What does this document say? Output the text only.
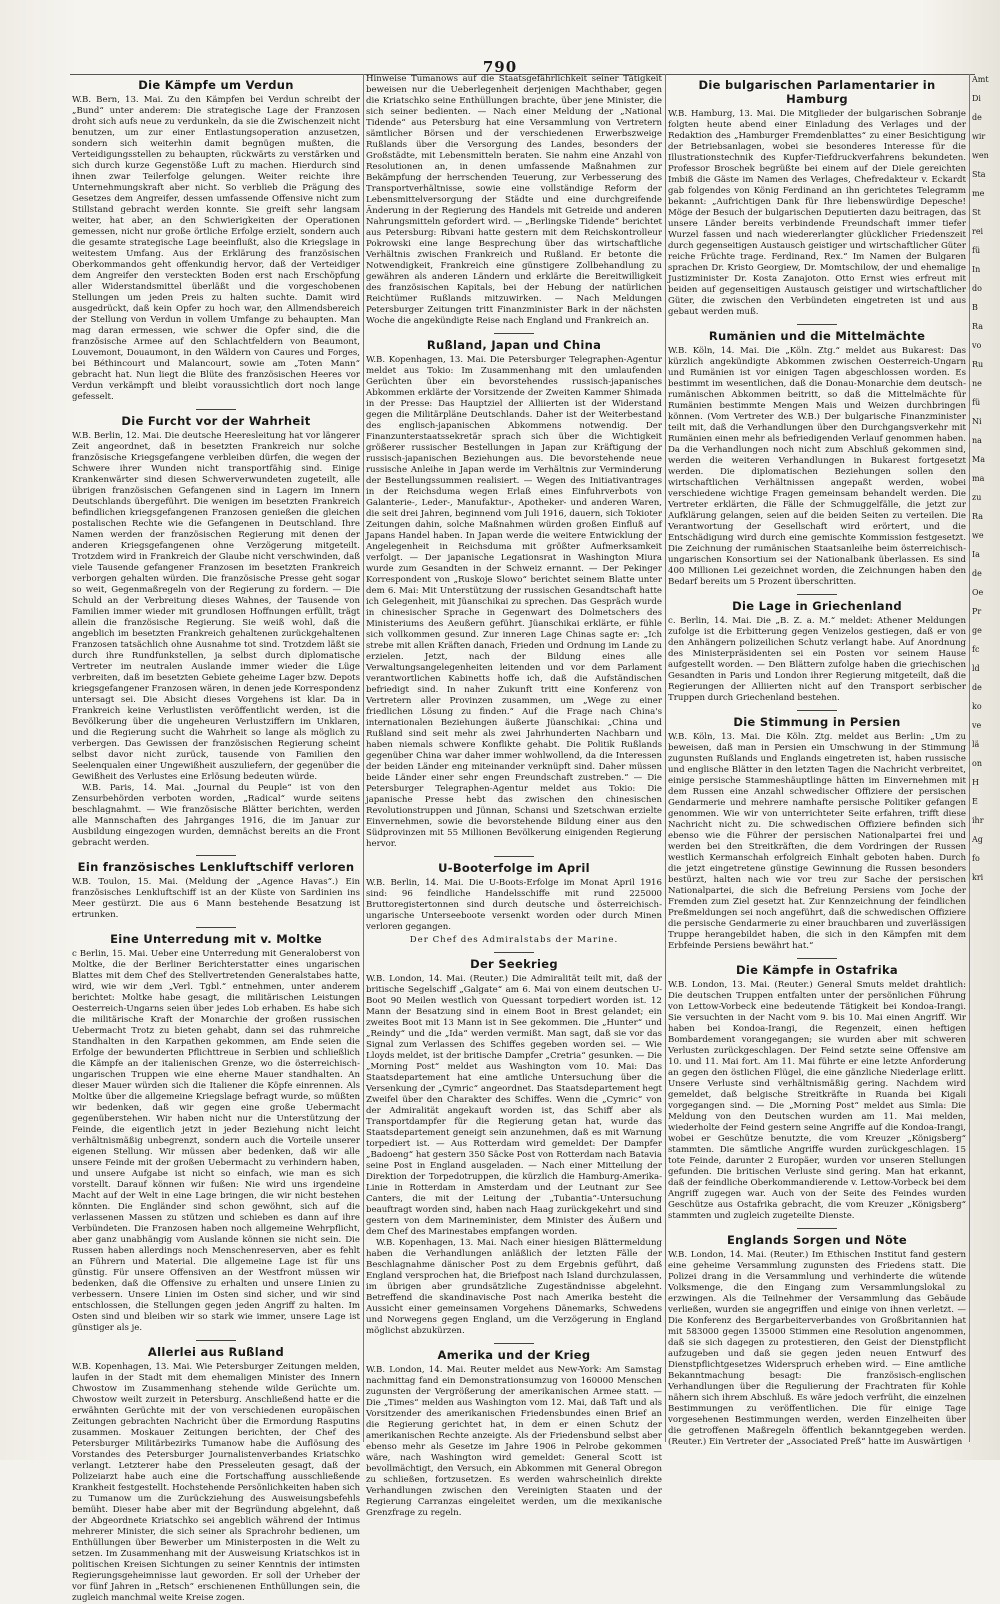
790
Die Kämpfe um Verdun

W.B. Bern, 13. Mai. Zu den Kämpfen bei Verdun schreibt der „Bund“ unter anderem: Die strategische Lage der Franzosen droht sich aufs neue zu verdunkeln, da sie die Zwischenzeit nicht benutzen, um zur einer Entlastungsoperation anzusetzen, sondern sich weiterhin damit begnügen mußten, die Verteidigungsstellen zu behaupten, rückwärts zu verstärken und sich durch kurze Gegenstöße Luft zu machen. Hierdurch sind ihnen zwar Teilerfolge gelungen. Weiter reichte ihre Unternehmungskraft aber nicht. So verblieb die Prägung des Gesetzes dem Angreifer, dessen umfassende Offensive nicht zum Stillstand gebracht werden konnte. Sie greift sehr langsam weiter, hat aber, an den Schwierigkeiten der Operationen gemessen, nicht nur große örtliche Erfolge erzielt, sondern auch die gesamte strategische Lage beeinflußt, also die Kriegslage in weitestem Umfang. Aus der Erklärung des französischen Oberkommandos geht offenkundig hervor, daß der Verteidiger dem Angreifer den versteckten Boden erst nach Erschöpfung aller Widerstandsmittel überläßt und die vorgeschobenen Stellungen um jeden Preis zu halten suchte. Damit wird ausgedrückt, daß kein Opfer zu hoch war, den Allmendsbereich der Stellung von Verdun in vollem Umfange zu behaupten. Man mag daran ermessen, wie schwer die Opfer sind, die die französische Armee auf den Schlachtfeldern von Beaumont, Louvemont, Douaumont, in den Wäldern von Caures und Forges, bei Béthincourt und Malancourt, sowie am „Toten Mann“ gebracht hat. Nun liegt die Blüte des französischen Heeres vor Verdun verkämpft und bleibt voraussichtlich dort noch lange gefesselt.

Die Furcht vor der Wahrheit

W.B. Berlin, 12. Mai. Die deutsche Heeresleitung hat vor längerer Zeit angeordnet, daß in besetzten Frankreich nur solche französische Kriegsgefangene verbleiben dürfen, die wegen der Schwere ihrer Wunden nicht transportfähig sind. Einige Krankenwärter sind diesen Schwerverwundeten zugeteilt, alle übrigen französischen Gefangenen sind in Lagern im Innern Deutschlands übergeführt. Die wenigen im besetzten Frankreich befindlichen kriegsgefangenen Franzosen genießen die gleichen postalischen Rechte wie die Gefangenen in Deutschland. Ihre Namen werden der französischen Regierung mit denen der anderen Kriegsgefangenen ohne Verzögerung mitgeteilt. Trotzdem wird in Frankreich der Glaube nicht verschwinden, daß viele Tausende gefangener Franzosen im besetzten Frankreich verborgen gehalten würden. Die französische Presse geht sogar so weit, Gegenmaßregeln von der Regierung zu fordern. — Die Schuld an der Verbreitung dieses Wahnes, der Tausende von Familien immer wieder mit grundlosen Hoffnungen erfüllt, trägt allein die französische Regierung. Sie weiß wohl, daß die angeblich im besetzten Frankreich gehaltenen zurückgehaltenen Franzosen tatsächlich ohne Ausnahme tot sind. Trotzdem läßt sie durch ihre Rundfunkstellen, ja selbst durch diplomatische Vertreter im neutralen Auslande immer wieder die Lüge verbreiten, daß im besetzten Gebiete geheime Lager bzw. Depots kriegsgefangener Franzosen wären, in denen jede Korrespondenz untersagt sei. Die Absicht dieses Vorgehens ist klar. Da in Frankreich keine Verlustlisten veröffentlicht werden, ist die Bevölkerung über die ungeheuren Verlustziffern im Unklaren, und die Regierung sucht die Wahrheit so lange als möglich zu verbergen. Das Gewissen der französischen Regierung scheint selbst davor nicht zurück, tausende von Familien den Seelenqualen einer Ungewißheit auszuliefern, der gegenüber die Gewißheit des Verlustes eine Erlösung bedeuten würde.

W.B. Paris, 14. Mai. „Journal du Peuple“ ist von den Zensurbehörden verboten worden, „Radical“ wurde seitens beschlagnahmt. — Wie französische Blätter berichten, werden alle Mannschaften des Jahrganges 1916, die im Januar zur Ausbildung eingezogen wurden, demnächst bereits an die Front gebracht werden.

Ein französisches Lenkluftschiff verloren

W.B. Toulon, 15. Mai. (Meldung der „Agence Havas“.) Ein französisches Lenkluftschiff ist an der Küste von Sardinien ins Meer gestürzt. Die aus 6 Mann bestehende Besatzung ist ertrunken.

Eine Unterredung mit v. Moltke

c Berlin, 15. Mai. Ueber eine Unterredung mit Generaloberst von Moltke, die der Berliner Berichterstatter eines ungarischen Blattes mit dem Chef des Stellvertretenden Generalstabes hatte, wird, wie wir dem „Verl. Tgbl.“ entnehmen, unter anderem berichtet: Moltke habe gesagt, die militärischen Leistungen Oesterreich-Ungarns seien über jedes Lob erhaben. Es habe sich die militärische Kraft der Monarchie der großen russischen Uebermacht Trotz zu bieten gehabt, dann sei das ruhmreiche Standhalten in den Karpathen gekommen, am Ende seien die Erfolge der bewunderten Pflichttreue in Serbien und schließlich die Kämpfe an der italienischen Grenze, wo die österreichisch-ungarischen Truppen wie eine eherne Mauer standhalten. An dieser Mauer würden sich die Italiener die Köpfe einrennen. Als Moltke über die allgemeine Kriegslage befragt wurde, so müßten wir bedenken, daß wir gegen eine große Uebermacht gegenüberstehen. Wir haben nicht nur die Unterstützung der Feinde, die eigentlich jetzt in jeder Beziehung nicht leicht verhältnismäßig unbegrenzt, sondern auch die Vorteile unserer eigenen Stellung. Wir müssen aber bedenken, daß wir alle unsere Feinde mit der großen Uebermacht zu verhindern haben, und unsere Aufgabe ist nicht so einfach, wie man es sich vorstellt. Darauf können wir fußen: Nie wird uns irgendeine Macht auf der Welt in eine Lage bringen, die wir nicht bestehen könnten. Die Engländer sind schon gewöhnt, sich auf die verlassenen Massen zu stützen und schieben es dann auf ihre Verbündeten. Die Franzosen haben noch allgemeine Wehrpflicht, aber ganz unabhängig vom Auslande können sie nicht sein. Die Russen haben allerdings noch Menschenreserven, aber es fehlt an Führern und Material. Die allgemeine Lage ist für uns günstig. Für unsere Offensiven an der Westfront müssen wir bedenken, daß die Offensive zu erhalten und unsere Linien zu verbessern. Unsere Linien im Osten sind sicher, und wir sind entschlossen, die Stellungen gegen jeden Angriff zu halten. Im Osten sind und bleiben wir so stark wie immer, unsere Lage ist günstiger als je.

Allerlei aus Rußland

W.B. Kopenhagen, 13. Mai. Wie Petersburger Zeitungen melden, laufen in der Stadt mit dem ehemaligen Minister des Innern Chwostow im Zusammenhang stehende wilde Gerüchte um. Chwostow weilt zurzeit in Petersburg. Anschließend hatte er die erwähnten Gerüchte mit der von verschiedenen europäischen Zeitungen gebrachten Nachricht über die Ermordung Rasputins zusammen. Moskauer Zeitungen berichten, der Chef des Petersburger Militärbezirks Tumanow habe die Auflösung des Vorstandes des Petersburger Journalistenverbandes Kriatschko verlangt. Letzterer habe den Presseleuten gesagt, daß der Polizeiarzt habe auch eine die Fortschaffung ausschließende Krankheit festgestellt. Hochstehende Persönlichkeiten haben sich zu Tumanow um die Zurückziehung des Ausweisungsbefehls bemüht. Dieser habe aber mit der Begründung abgelehnt, daß der Abgeordnete Kriatschko sei angeblich während der Intimus mehrerer Minister, die sich seiner als Sprachrohr bedienen, um Enthüllungen über Bewerber um Ministerposten in die Welt zu setzen. Im Zusammenhang mit der Ausweisung Kriatschkos ist in politischen Kreisen Sichtungen zu seiner Kenntnis der intimsten Regierungsgeheimnisse laut geworden. Er soll der Urheber der vor fünf Jahren in „Retsch“ erschienenen Enthüllungen sein, die zugleich manchmal weite Kreise zogen.

Hinweise Tumanows auf die Staatsgefährlichkeit seiner Tätigkeit beweisen nur die Ueberlegenheit derjenigen Machthaber, gegen die Kriatschko seine Enthüllungen brachte, über jene Minister, die sich seiner bedienten. — Nach einer Meldung der „National Tidende“ aus Petersburg hat eine Versammlung von Vertretern sämtlicher Börsen und der verschiedenen Erwerbszweige Rußlands über die Versorgung des Landes, besonders der Großstädte, mit Lebensmitteln beraten. Sie nahm eine Anzahl von Resolutionen an, in denen umfassende Maßnahmen zur Bekämpfung der herrschenden Teuerung, zur Verbesserung des Transportverhältnisse, sowie eine vollständige Reform der Lebensmittelversorgung der Städte und eine durchgreifende Änderung in der Regierung des Handels mit Getreide und anderen Nahrungsmitteln gefordert wird. — „Berlingske Tidende“ berichtet aus Petersburg: Ribvani hatte gestern mit dem Reichskontrolleur Pokrowski eine lange Besprechung über das wirtschaftliche Verhältnis zwischen Frankreich und Rußland. Er betonte die Notwendigkeit, Frankreich eine günstigere Zollbehandlung zu gewähren als anderen Ländern und erklärte die Bereitwilligkeit des französischen Kapitals, bei der Hebung der natürlichen Reichtümer Rußlands mitzuwirken. — Nach Meldungen Petersburger Zeitungen tritt Finanzminister Bark in der nächsten Woche die angekündigte Reise nach England und Frankreich an.

Rußland, Japan und China

W.B. Kopenhagen, 13. Mai. Die Petersburger Telegraphen-Agentur meldet aus Tokio: Im Zusammenhang mit den umlaufenden Gerüchten über ein bevorstehendes russisch-japanisches Abkommen erklärte der Vorsitzende der Zweiten Kammer Shimada in der Presse: Das Hauptziel der Alliierten ist der Widerstand gegen die Militärpläne Deutschlands. Daher ist der Weiterbestand des englisch-japanischen Abkommens notwendig. Der Finanzunterstaatssekretär sprach sich über die Wichtigkeit größerer russischer Bestellungen in Japan zur Kräftigung der russisch-japanischen Beziehungen aus. Die bevorstehende neue russische Anleihe in Japan werde im Verhältnis zur Verminderung der Bestellungssummen realisiert. — Wegen des Initiativantrages in der Reichsduma wegen Erlaß eines Einfuhrverbots von Galanterie-, Leder-, Manufaktur-, Apotheker- und anderen Waren, die seit drei Jahren, beginnend vom Juli 1916, dauern, sich Tokioter Zeitungen dahin, solche Maßnahmen würden großen Einfluß auf Japans Handel haben. In Japan werde die weitere Entwicklung der Angelegenheit in Reichsduma mit größter Aufmerksamkeit verfolgt. — Der japanische Legationsrat in Washington Miura wurde zum Gesandten in der Schweiz ernannt. — Der Pekinger Korrespondent von „Ruskoje Slowo“ berichtet seinem Blatte unter dem 6. Mai: Mit Unterstützung der russischen Gesandtschaft hatte ich Gelegenheit, mit Jüanschikai zu sprechen. Das Gespräch wurde in chinesischer Sprache in Gegenwart des Dolmetschers des Ministeriums des Aeußern geführt. Jüanschikai erklärte, er fühle sich vollkommen gesund. Zur inneren Lage Chinas sagte er: „Ich strebe mit allen Kräften danach, Frieden und Ordnung im Lande zu erzielen. Jetzt, nach der Bildung eines alle Verwaltungsangelegenheiten leitenden und vor dem Parlament verantwortlichen Kabinetts hoffe ich, daß die Aufständischen befriedigt sind. In naher Zukunft tritt eine Konferenz von Vertretern aller Provinzen zusammen, um „Wege zu einer friedlichen Lösung zu finden.“ Auf die Frage nach China's internationalen Beziehungen äußerte Jüanschikai: „China und Rußland sind seit mehr als zwei Jahrhunderten Nachbarn und haben niemals schwere Konflikte gehabt. Die Politik Rußlands gegenüber China war daher immer wohlwollend, da die Interessen der beiden Länder eng miteinander verknüpft sind. Daher müssen beide Länder einer sehr engen Freundschaft zustreben.“ — Die Petersburger Telegraphen-Agentur meldet aus Tokio: Die japanische Presse hebt das zwischen den chinesischen Revolutionstruppen und Jünnan, Schansi und Szetschwan erzielte Einvernehmen, sowie die bevorstehende Bildung einer aus den Südprovinzen mit 55 Millionen Bevölkerung einigenden Regierung hervor.

U-Booterfolge im April

W.B. Berlin, 14. Mai. Die U-Boots-Erfolge im Monat April 1916 sind: 96 feindliche Handelsschiffe mit rund 225000 Bruttoregistertonnen sind durch deutsche und österreichisch-ungarische Unterseeboote versenkt worden oder durch Minen verloren gegangen.

Der Chef des Admiralstabs der Marine.
Der Seekrieg

W.B. London, 14. Mai. (Reuter.) Die Admiralität teilt mit, daß der britische Segelschiff „Galgate“ am 6. Mai von einem deutschen U-Boot 90 Meilen westlich von Quessant torpediert worden ist. 12 Mann der Besatzung sind in einem Boot in Brest gelandet; ein zweites Boot mit 13 Mann ist in See gekommen. Die „Hunter“ und „Reindy“ und die „Ida“ werden vermißt. Man sagt, daß sie vor das Signal zum Verlassen des Schiffes gegeben worden sei. — Wie Lloyds meldet, ist der britische Dampfer „Cretria“ gesunken. — Die „Morning Post“ meldet aus Washington vom 10. Mai: Das Staatsdepartement hat eine amtliche Untersuchung über die Versenkung der „Cymric“ angeordnet. Das Staatsdepartement hegt Zweifel über den Charakter des Schiffes. Wenn die „Cymric“ von der Admiralität angekauft worden ist, das Schiff aber als Transportdampfer für die Regierung getan hat, wurde das Staatsdepartement geneigt sein anzunehmen, daß es mit Warnung torpediert ist. — Aus Rotterdam wird gemeldet: Der Dampfer „Badoeng“ hat gestern 350 Säcke Post von Rotterdam nach Batavia seine Post in England ausgeladen. — Nach einer Mitteilung der Direktion der Torpedotruppen, die kürzlich die Hamburg-Amerika-Linie in Rotterdam in Amsterdam und der Leutnant zur See Canters, die mit der Leitung der „Tubantia“-Untersuchung beauftragt worden sind, haben nach Haag zurückgekehrt und sind gestern von dem Marineminister, dem Minister des Äußern und dem Chef des Marinestabes empfangen worden.

W.B. Kopenhagen, 13. Mai. Nach einer hiesigen Blättermeldung haben die Verhandlungen anläßlich der letzten Fälle der Beschlagnahme dänischer Post zu dem Ergebnis geführt, daß England versprochen hat, die Briefpost nach Island durchzulassen, im übrigen aber grundsätzliche Zugeständnisse abgelehnt. Betreffend die skandinavische Post nach Amerika besteht die Aussicht einer gemeinsamen Vorgehens Dänemarks, Schwedens und Norwegens gegen England, um die Verzögerung in England möglichst abzukürzen.

Amerika und der Krieg

W.B. London, 14. Mai. Reuter meldet aus New-York: Am Samstag nachmittag fand ein Demonstrationsumzug von 160000 Menschen zugunsten der Vergrößerung der amerikanischen Armee statt. — Die „Times“ melden aus Washington vom 12. Mai, daß Taft und als Vorsitzender des amerikanischen Friedensbundes einen Brief an die Regierung gerichtet hat, in dem er einen Schutz der amerikanischen Rechte anzeigte. Als der Friedensbund selbst aber ebenso mehr als Gesetze im Jahre 1906 in Pelrobe gekommen wäre, nach Washington wird gemeldet: General Scott ist bevollmächtigt, den Versuch, ein Abkommen mit General Obregon zu schließen, fortzusetzen. Es werden wahrscheinlich direkte Verhandlungen zwischen den Vereinigten Staaten und der Regierung Carranzas eingeleitet werden, um die mexikanische Grenzfrage zu regeln.

Die bulgarischen Parlamentarier in Hamburg

W.B. Hamburg, 13. Mai. Die Mitglieder der bulgarischen Sobranje folgten heute abend einer Einladung des Verlages und der Redaktion des „Hamburger Fremdenblattes“ zu einer Besichtigung der Betriebsanlagen, wobei sie besonderes Interesse für die Illustrationstechnik des Kupfer-Tiefdruckverfahrens bekundeten. Professor Broschek begrüßte bei einem auf der Diele gereichten Imbiß die Gäste im Namen des Verlages, Chefredakteur v. Eckardt gab folgendes von König Ferdinand an ihn gerichtetes Telegramm bekannt: „Aufrichtigen Dank für Ihre liebenswürdige Depesche! Möge der Besuch der bulgarischen Deputierten dazu beitragen, das unsere Länder bereits verbindende Freundschaft immer tiefer Wurzel fassen und nach wiedererlangter glücklicher Friedenszeit durch gegenseitigen Austausch geistiger und wirtschaftlicher Güter reiche Früchte trage. Ferdinand, Rex.“ Im Namen der Bulgaren sprachen Dr. Kristo Georgiew, Dr. Momtschilow, der und ehemalige Justizminister Dr. Kosta Zanajoton. Otto Ernst wies erfreut mit beiden auf gegenseitigen Austausch geistiger und wirtschaftlicher Güter, die zwischen den Verbündeten eingetreten ist und aus gebaut werden muß.

Rumänien und die Mittelmächte

W.B. Köln, 14. Mai. Die „Köln. Ztg.“ meldet aus Bukarest: Das kürzlich angekündigte Abkommen zwischen Oesterreich-Ungarn und Rumänien ist vor einigen Tagen abgeschlossen worden. Es bestimmt im wesentlichen, daß die Donau-Monarchie dem deutsch-rumänischen Abkommen beitritt, so daß die Mittelmächte für Rumänien bestimmte Mengen Mais und Weizen durchbringen können. (Vom Vertreter des W.B.) Der bulgarische Finanzminister teilt mit, daß die Verhandlungen über den Durchgangsverkehr mit Rumänien einen mehr als befriedigenden Verlauf genommen haben. Da die Verhandlungen noch nicht zum Abschluß gekommen sind, werden die weiteren Verhandlungen in Bukarest fortgesetzt werden. Die diplomatischen Beziehungen sollen den wirtschaftlichen Verhältnissen angepaßt werden, wobei verschiedene wichtige Fragen gemeinsam behandelt werden. Die Vertreter erklärten, die Fälle der Schmuggelfälle, die jetzt zur Aufklärung gelangen, seien auf die beiden Seiten zu verteilen. Die Verantwortung der Gesellschaft wird erörtert, und die Entschädigung wird durch eine gemischte Kommission festgesetzt. Die Zeichnung der rumänischen Staatsanleihe beim österreichisch-ungarischen Konsortium sei der Nationalbank überlassen. Es sind 400 Millionen Lei gezeichnet worden, die Zeichnungen haben den Bedarf bereits um 5 Prozent überschritten.

Die Lage in Griechenland

c. Berlin, 14. Mai. Die „B. Z. a. M.“ meldet: Athener Meldungen zufolge ist die Erbitterung gegen Venizelos gestiegen, daß er von den Anhängern polizeilichen Schutz verlangt habe. Auf Anordnung des Ministerpräsidenten sei ein Posten vor seinem Hause aufgestellt worden. — Den Blättern zufolge haben die griechischen Gesandten in Paris und London ihrer Regierung mitgeteilt, daß die Regierungen der Alliierten nicht auf den Transport serbischer Truppen durch Griechenland bestehen.

Die Stimmung in Persien

W.B. Köln, 13. Mai. Die Köln. Ztg. meldet aus Berlin: „Um zu beweisen, daß man in Persien ein Umschwung in der Stimmung zugunsten Rußlands und Englands eingetreten ist, haben russische und englische Blätter in den letzten Tagen die Nachricht verbreitet, einige persische Stammeshäuptlinge hätten im Einvernehmen mit dem Russen eine Anzahl schwedischer Offiziere der persischen Gendarmerie und mehrere namhafte persische Politiker gefangen genommen. Wie wir von unterrichteter Seite erfahren, trifft diese Nachricht nicht zu. Die schwedischen Offiziere befinden sich ebenso wie die Führer der persischen Nationalpartei frei und werden bei den Streitkräften, die dem Vordringen der Russen westlich Kermanschah erfolgreich Einhalt geboten haben. Durch die jetzt eingetretene günstige Gewinnung die Russen besonders bestürzt, halten nach wie vor treu zur Sache der persischen Nationalpartei, die sich die Befreiung Persiens vom Joche der Fremden zum Ziel gesetzt hat. Zur Kennzeichnung der feindlichen Preßmeldungen sei noch angeführt, daß die schwedischen Offiziere die persische Gendarmerie zu einer brauchbaren und zuverlässigen Truppe herangebildet haben, die sich in den Kämpfen mit dem Erbfeinde Persiens bewährt hat.“

Die Kämpfe in Ostafrika

W.B. London, 13. Mai. (Reuter.) General Smuts meldet drahtlich: Die deutschen Truppen entfalten unter der persönlichen Führung von Lettow-Vorbeck eine bedeutende Tätigkeit bei Kondoa-Irangi. Sie versuchten in der Nacht vom 9. bis 10. Mai einen Angriff. Wir haben bei Kondoa-Irangi, die Regenzeit, einen heftigen Bombardement vorangegangen; sie wurden aber mit schweren Verlusten zurückgeschlagen. Der Feind setzte seine Offensive am 10. und 11. Mai fort. Am 11. Mai führte er eine letzte Anforderung an gegen den östlichen Flügel, die eine gänzliche Niederlage erlitt. Unsere Verluste sind verhältnismäßig gering. Nachdem wird gemeldet, daß belgische Streitkräfte in Ruanda bei Kigali vorgegangen sind. — Die „Morning Post“ meldet aus Simla: Die Meldung von den Deutschen wurden am 11. Mai melden, wiederholte der Feind gestern seine Angriffe auf die Kondoa-Irangi, wobei er Geschütze benutzte, die vom Kreuzer „Königsberg“ stammten. Die sämtliche Angriffe wurden zurückgeschlagen. 15 tote Feinde, darunter 2 Europäer, wurden vor unseren Stellungen gefunden. Die britischen Verluste sind gering. Man hat erkannt, daß der feindliche Oberkommandierende v. Lettow-Vorbeck bei dem Angriff zugegen war. Auch von der Seite des Feindes wurden Geschütze aus Ostafrika gebracht, die vom Kreuzer „Königsberg“ stammten und zugleich zugeteilte Dienste.

Englands Sorgen und Nöte

W.B. London, 14. Mai. (Reuter.) Im Ethischen Institut fand gestern eine geheime Versammlung zugunsten des Friedens statt. Die Polizei drang in die Versammlung und verhinderte die wütende Volksmenge, die den Eingang zum Versammlungslokal zu erzwingen. Als die Teilnehmer der Versammlung das Gebäude verließen, wurden sie angegriffen und einige von ihnen verletzt. — Die Konferenz des Bergarbeiterverbandes von Großbritannien hat mit 583000 gegen 135000 Stimmen eine Resolution angenommen, daß sie sich dagegen zu protestieren, den Geist der Dienstpflicht aufzugeben und daß sie gegen jeden neuen Entwurf des Dienstpflichtgesetzes Widerspruch erheben wird. — Eine amtliche Bekanntmachung besagt: Die französisch-englischen Verhandlungen über die Regulierung der Frachtraten für Kohle nähern sich ihrem Abschluß. Es wäre jedoch verfrüht, die einzelnen Bestimmungen zu veröffentlichen. Die für einige Tage vorgesehenen Bestimmungen werden, werden Einzelheiten über die getroffenen Maßregeln öffentlich bekanntgegeben werden. (Reuter.) Ein Vertreter der „Associated Preß“ hatte im Auswärtigen

Amt
Di
de
wir
wen
Sta
me
St
rei
fü
In
do
B
Ra
vo
Ru
ne
fü
Ni
na
Ma
ma
zu
Ra
we
Ia
de
Oe
Pr
ge
fc
ld
de
ko
ve
lä
on
H
E
ihr
Ag
fo
kri
